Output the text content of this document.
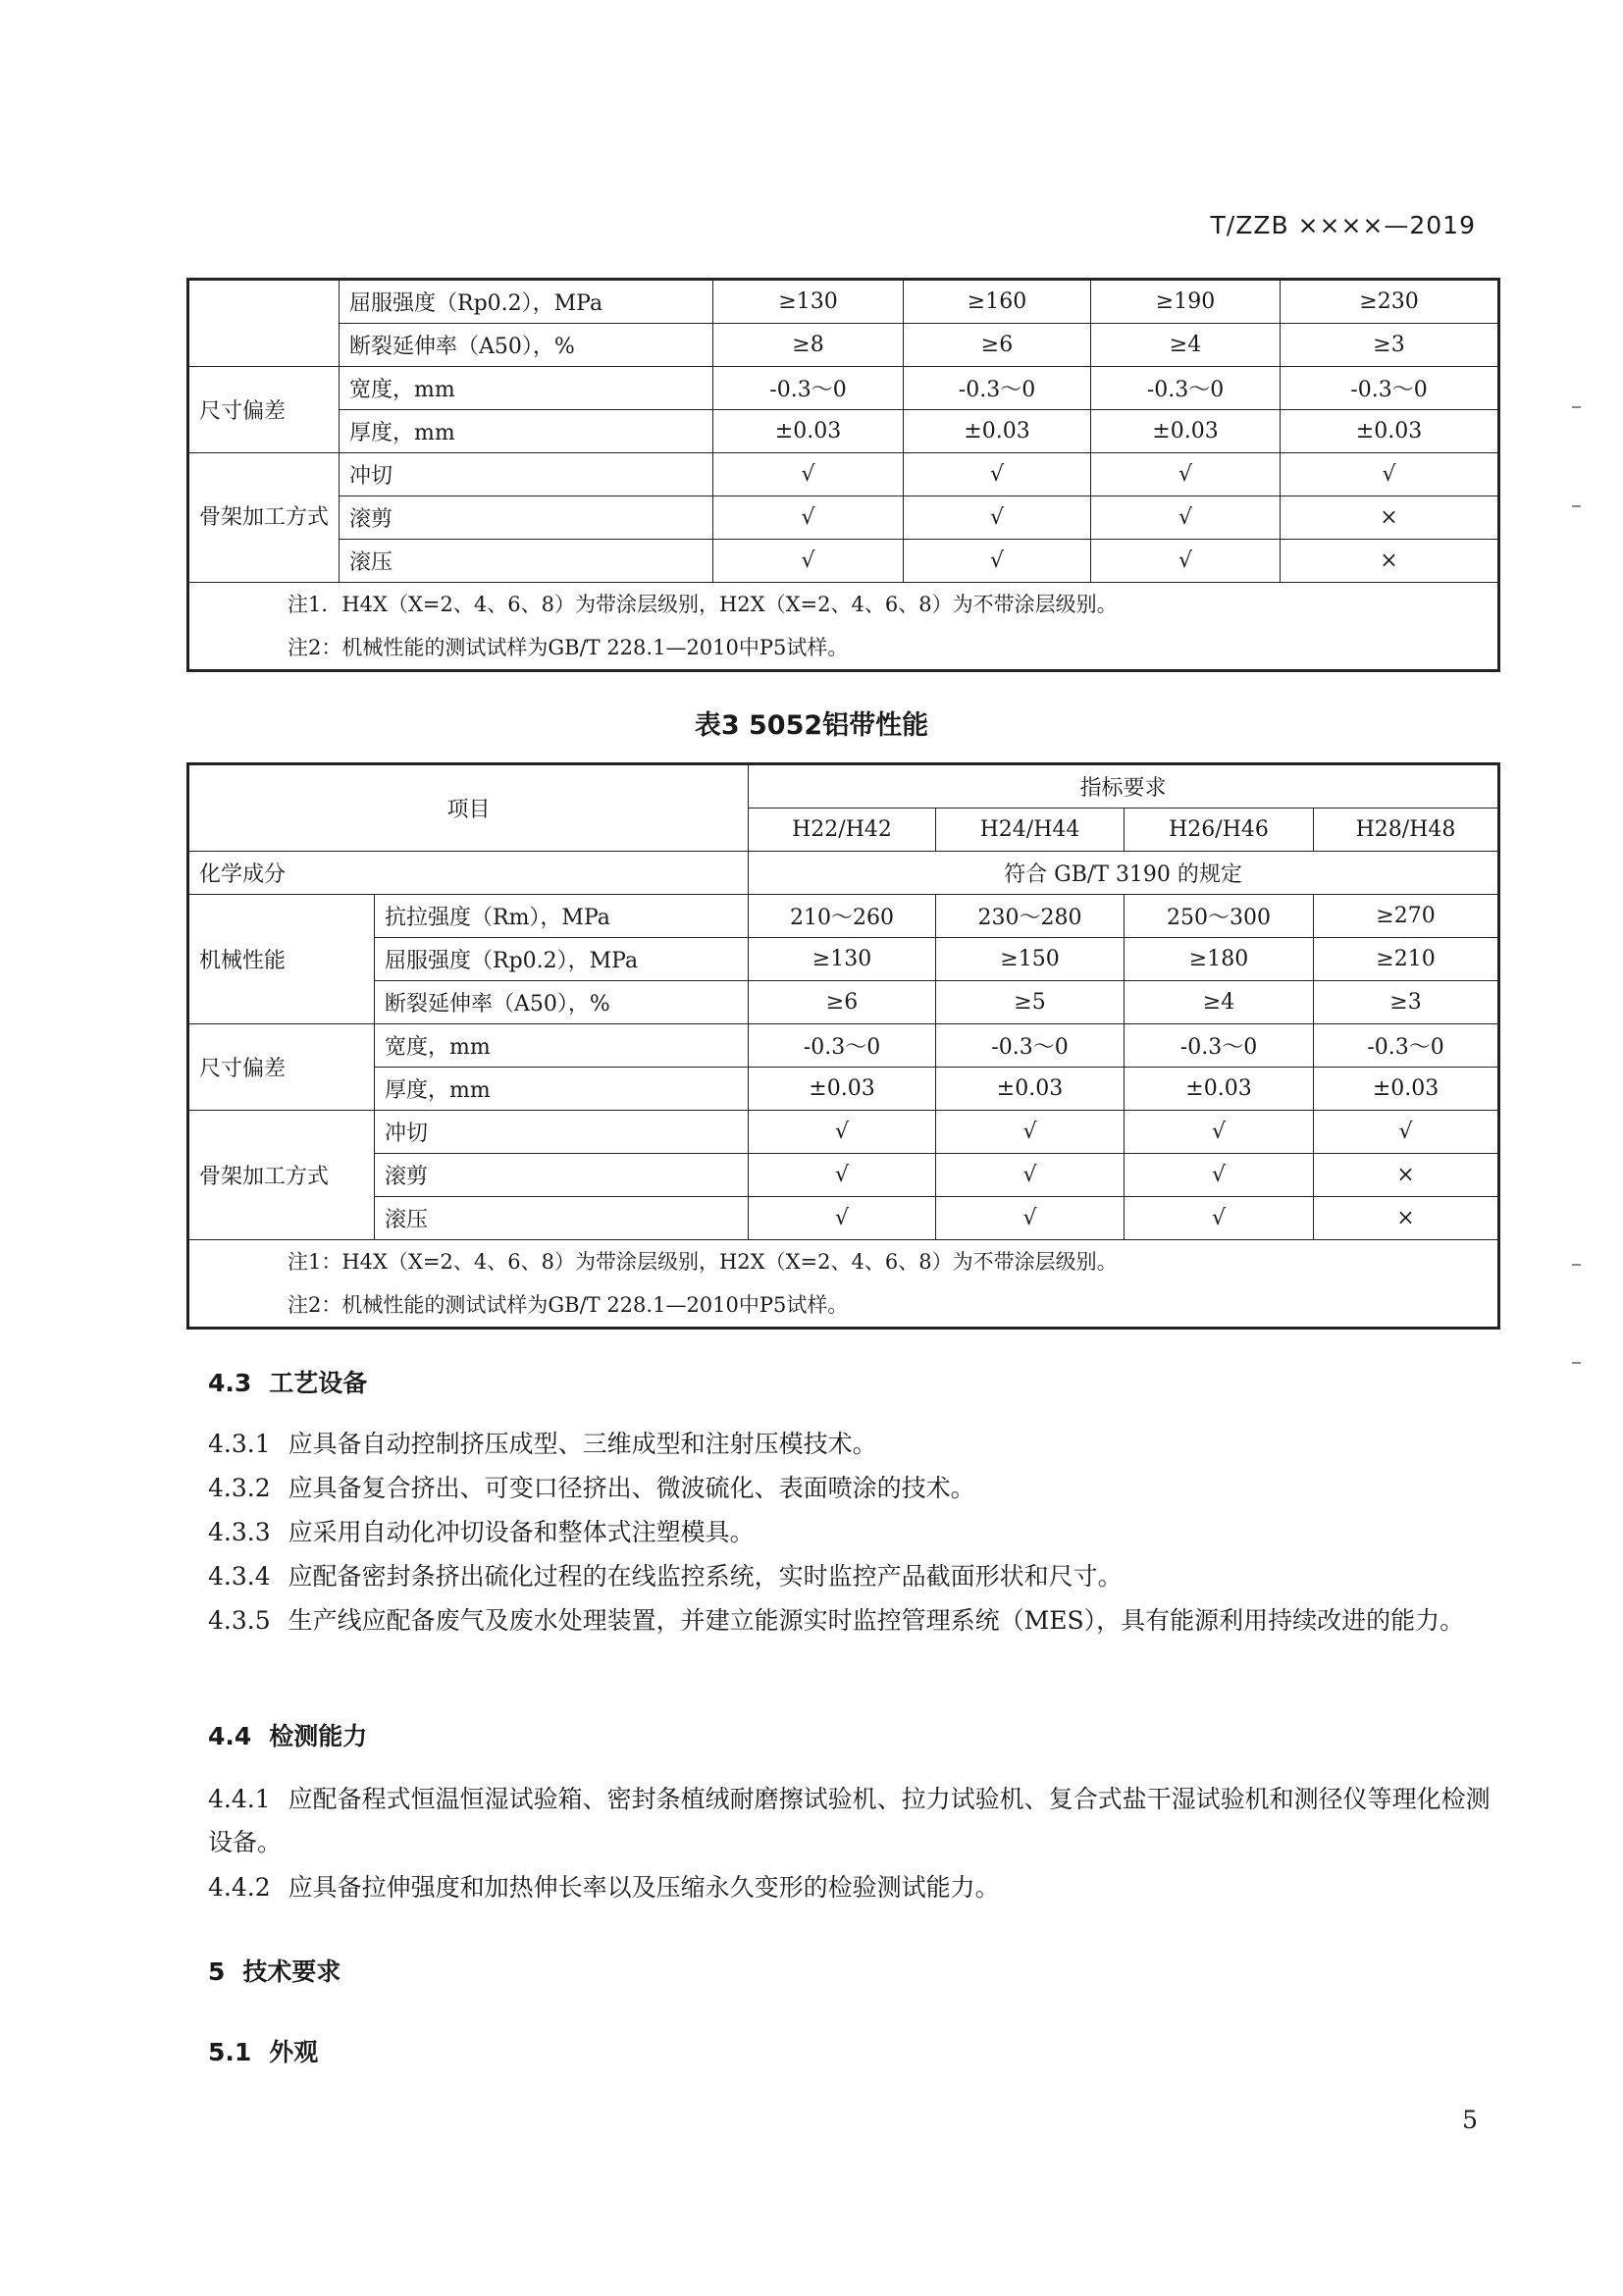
T/ZZB ××××—2019
	屈服强度（Rp0.2），MPa	≥130	≥160	≥190	≥230
	断裂延伸率（A50），%	≥8	≥6	≥4	≥3
尺寸偏差	宽度，mm	-0.3～0	-0.3～0	-0.3～0	-0.3～0
	厚度，mm	±0.03	±0.03	±0.03	±0.03
骨架加工方式	冲切	√	√	√	√
	滚剪	√	√	√	×
	滚压	√	√	√	×

注1．H4X（X=2、4、6、8）为带涂层级别，H2X（X=2、4、6、8）为不带涂层级别。
注2：机械性能的测试试样为GB/T 228.1—2010中P5试样。					
表3 5052铝带性能
项目		指标要求			
		H22/H42	H24/H44	H26/H46	H28/H48
化学成分		符合 GB/T 3190 的规定			
机械性能	抗拉强度（Rm），MPa	210～260	230～280	250～300	≥270
	屈服强度（Rp0.2），MPa	≥130	≥150	≥180	≥210
	断裂延伸率（A50），%	≥6	≥5	≥4	≥3
尺寸偏差	宽度，mm	-0.3～0	-0.3～0	-0.3～0	-0.3～0
	厚度，mm	±0.03	±0.03	±0.03	±0.03
骨架加工方式	冲切	√	√	√	√
	滚剪	√	√	√	×
	滚压	√	√	√	×

注1：H4X（X=2、4、6、8）为带涂层级别，H2X（X=2、4、6、8）为不带涂层级别。
注2：机械性能的测试试样为GB/T 228.1—2010中P5试样。					
4.3 工艺设备
4.3.1 应具备自动控制挤压成型、三维成型和注射压模技术。
4.3.2 应具备复合挤出、可变口径挤出、微波硫化、表面喷涂的技术。
4.3.3 应采用自动化冲切设备和整体式注塑模具。
4.3.4 应配备密封条挤出硫化过程的在线监控系统，实时监控产品截面形状和尺寸。
4.3.5 生产线应配备废气及废水处理装置，并建立能源实时监控管理系统（MES），具有能源利用持续改进的能力。
4.4 检测能力
4.4.1 应配备程式恒温恒湿试验箱、密封条植绒耐磨擦试验机、拉力试验机、复合式盐干湿试验机和测径仪等理化检测设备。
4.4.2 应具备拉伸强度和加热伸长率以及压缩永久变形的检验测试能力。
5 技术要求
5.1 外观
5
